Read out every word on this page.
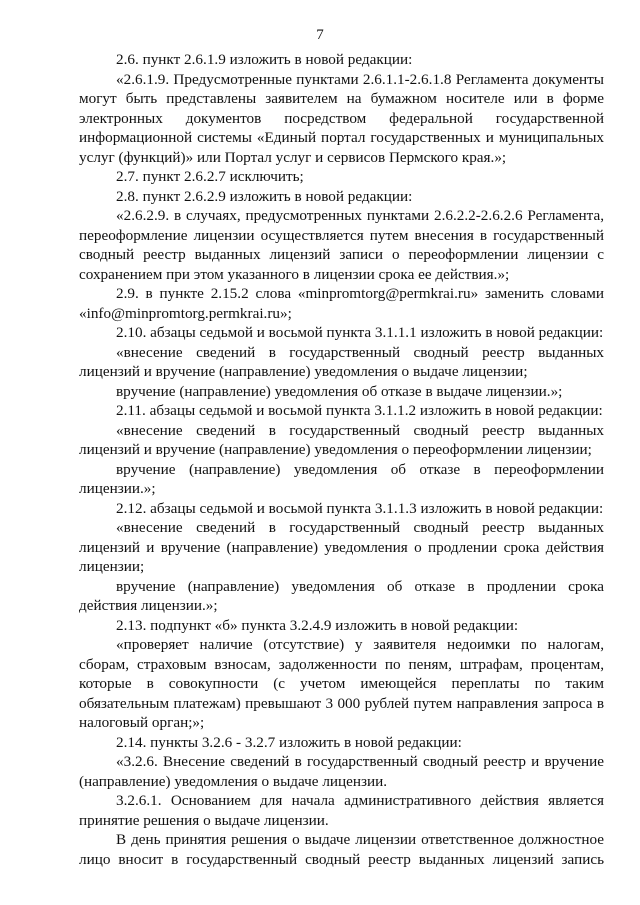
7

2.6. пункт 2.6.1.9 изложить в новой редакции:

«2.6.1.9. Предусмотренные пунктами 2.6.1.1-2.6.1.8 Регламента документы могут быть представлены заявителем на бумажном носителе или в форме электронных документов посредством федеральной государственной информационной системы «Единый портал государственных и муниципальных услуг (функций)» или Портал услуг и сервисов Пермского края.»;

2.7. пункт 2.6.2.7 исключить;

2.8. пункт 2.6.2.9 изложить в новой редакции:

«2.6.2.9. в случаях, предусмотренных пунктами 2.6.2.2-2.6.2.6 Регламента, переоформление лицензии осуществляется путем внесения в государственный сводный реестр выданных лицензий записи о переоформлении лицензии с сохранением при этом указанного в лицензии срока ее действия.»;

2.9. в пункте 2.15.2 слова «minpromtorg@permkrai.ru» заменить словами «info@minpromtorg.permkrai.ru»;

2.10. абзацы седьмой и восьмой пункта 3.1.1.1 изложить в новой редакции:

«внесение сведений в государственный сводный реестр выданных лицензий и вручение (направление) уведомления о выдаче лицензии;

вручение (направление) уведомления об отказе в выдаче лицензии.»;

2.11. абзацы седьмой и восьмой пункта 3.1.1.2 изложить в новой редакции:

«внесение сведений в государственный сводный реестр выданных лицензий и вручение (направление) уведомления о переоформлении лицензии;

вручение (направление) уведомления об отказе в переоформлении лицензии.»;

2.12. абзацы седьмой и восьмой пункта 3.1.1.3 изложить в новой редакции:

«внесение сведений в государственный сводный реестр выданных лицензий и вручение (направление) уведомления о продлении срока действия лицензии;

вручение (направление) уведомления об отказе в продлении срока действия лицензии.»;

2.13. подпункт «б» пункта 3.2.4.9 изложить в новой редакции:

«проверяет наличие (отсутствие) у заявителя недоимки по налогам, сборам, страховым взносам, задолженности по пеням, штрафам, процентам, которые в совокупности (с учетом имеющейся переплаты по таким обязательным платежам) превышают 3 000 рублей путем направления запроса в налоговый орган;»;

2.14. пункты 3.2.6 - 3.2.7 изложить в новой редакции:

«3.2.6. Внесение сведений в государственный сводный реестр и вручение (направление) уведомления о выдаче лицензии.

3.2.6.1. Основанием для начала административного действия является принятие решения о выдаче лицензии.

В день принятия решения о выдаче лицензии ответственное должностное лицо вносит в государственный сводный реестр выданных лицензий запись
